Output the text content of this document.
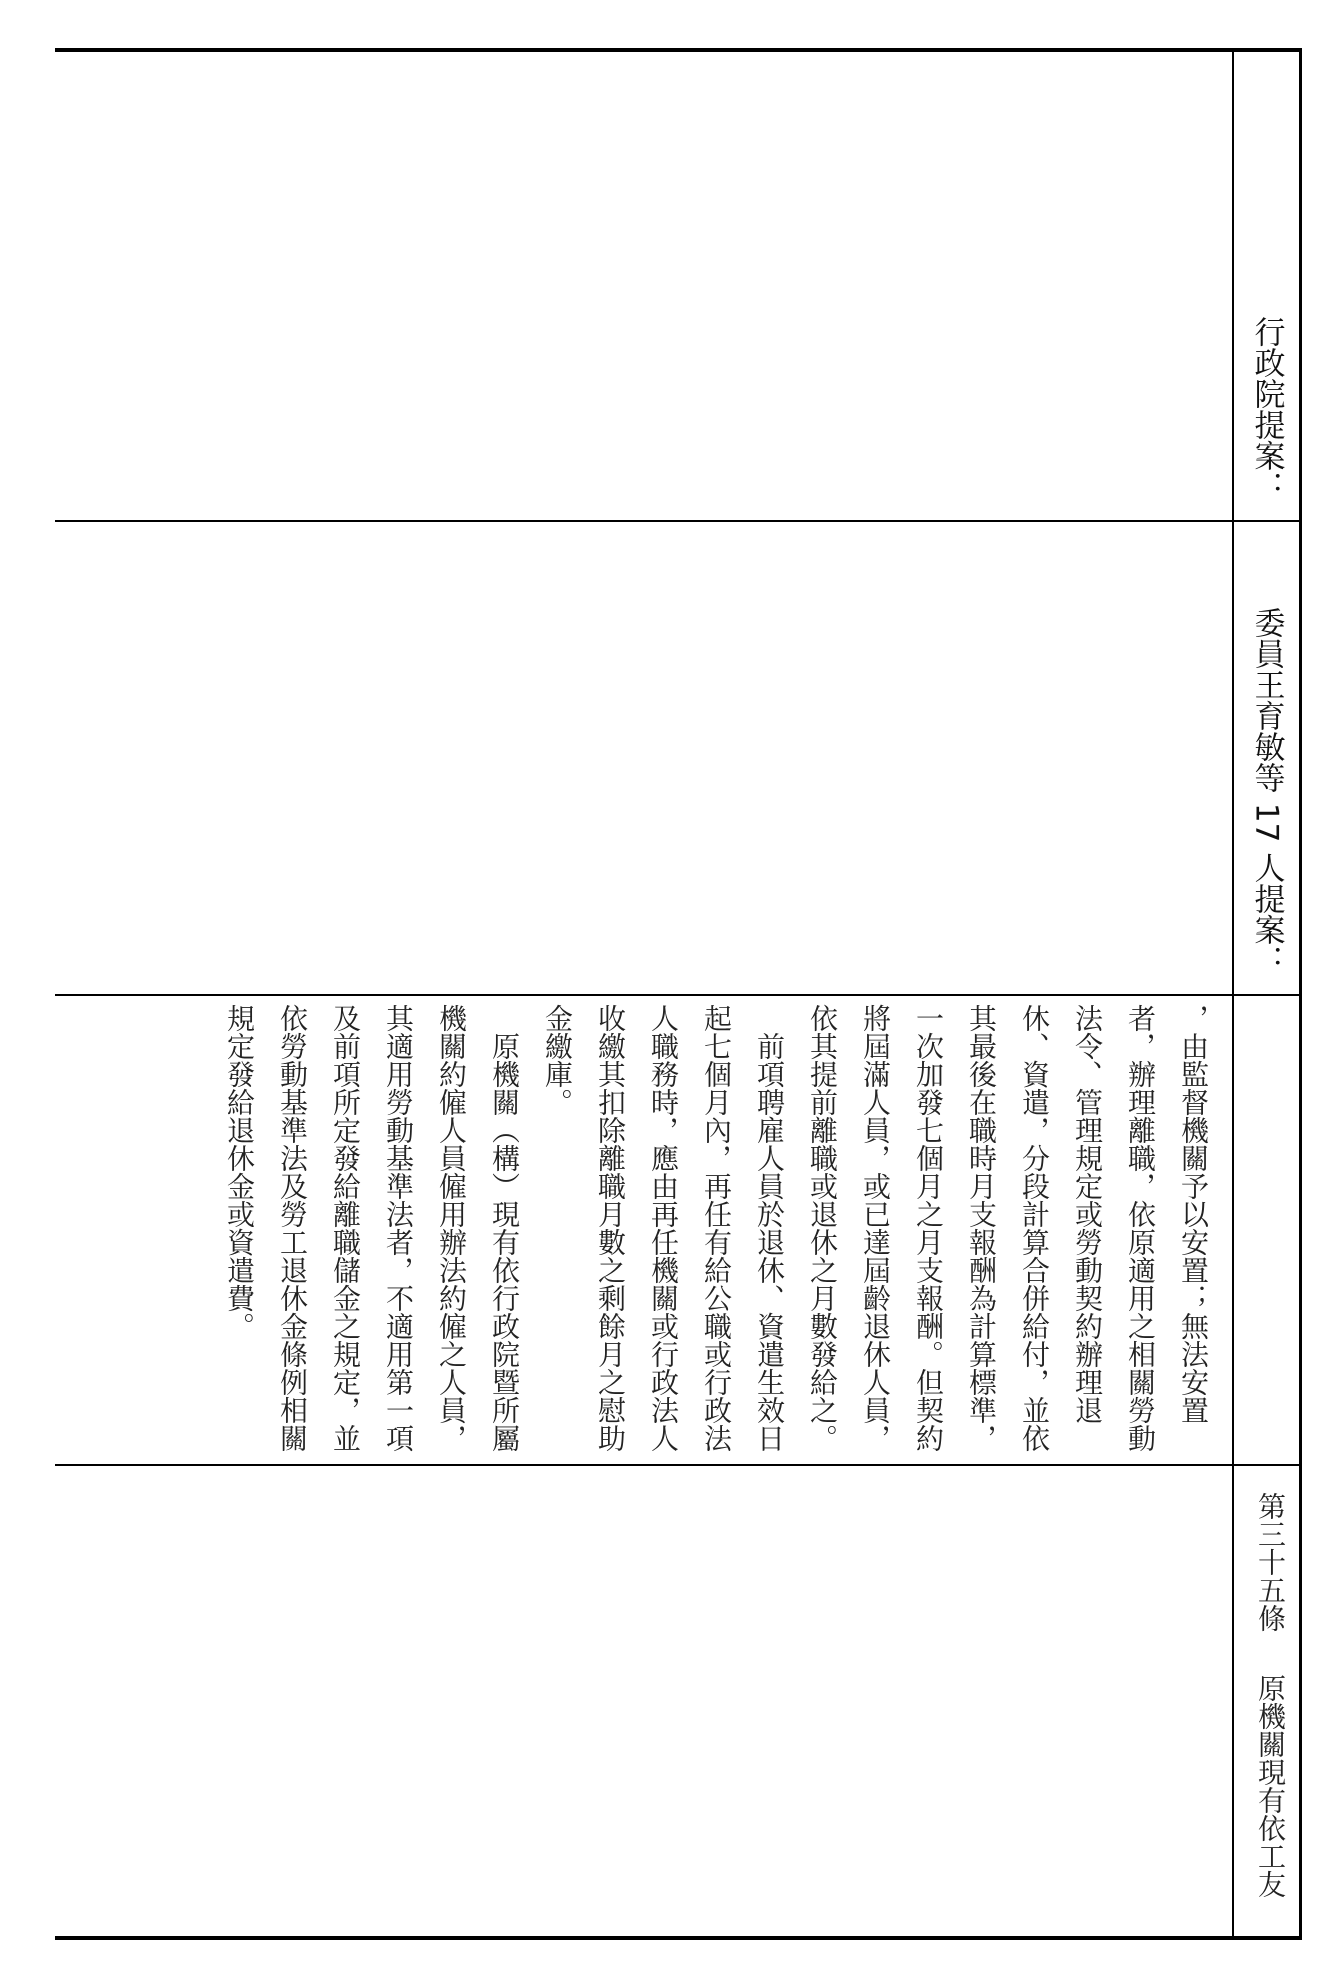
行政院提案：
委員王育敏等 17 人提案：
第三十五條原機關現有依工友

，由監督機關予以安置；無法安置者，辦理離職，依原適用之相關勞動法令、管理規定或勞動契約辦理退休、資遣，分段計算合併給付，並依其最後在職時月支報酬為計算標準，一次加發七個月之月支報酬。但契約將屆滿人員，或已達屆齡退休人員，依其提前離職或退休之月數發給之。

前項聘雇人員於退休、資遣生效日起七個月內，再任有給公職或行政法人職務時，應由再任機關或行政法人收繳其扣除離職月數之剩餘月之慰助金繳庫。

原機關（構）現有依行政院暨所屬機關約僱人員僱用辦法約僱之人員，其適用勞動基準法者，不適用第一項及前項所定發給離職儲金之規定，並依勞動基準法及勞工退休金條例相關規定發給退休金或資遣費。
